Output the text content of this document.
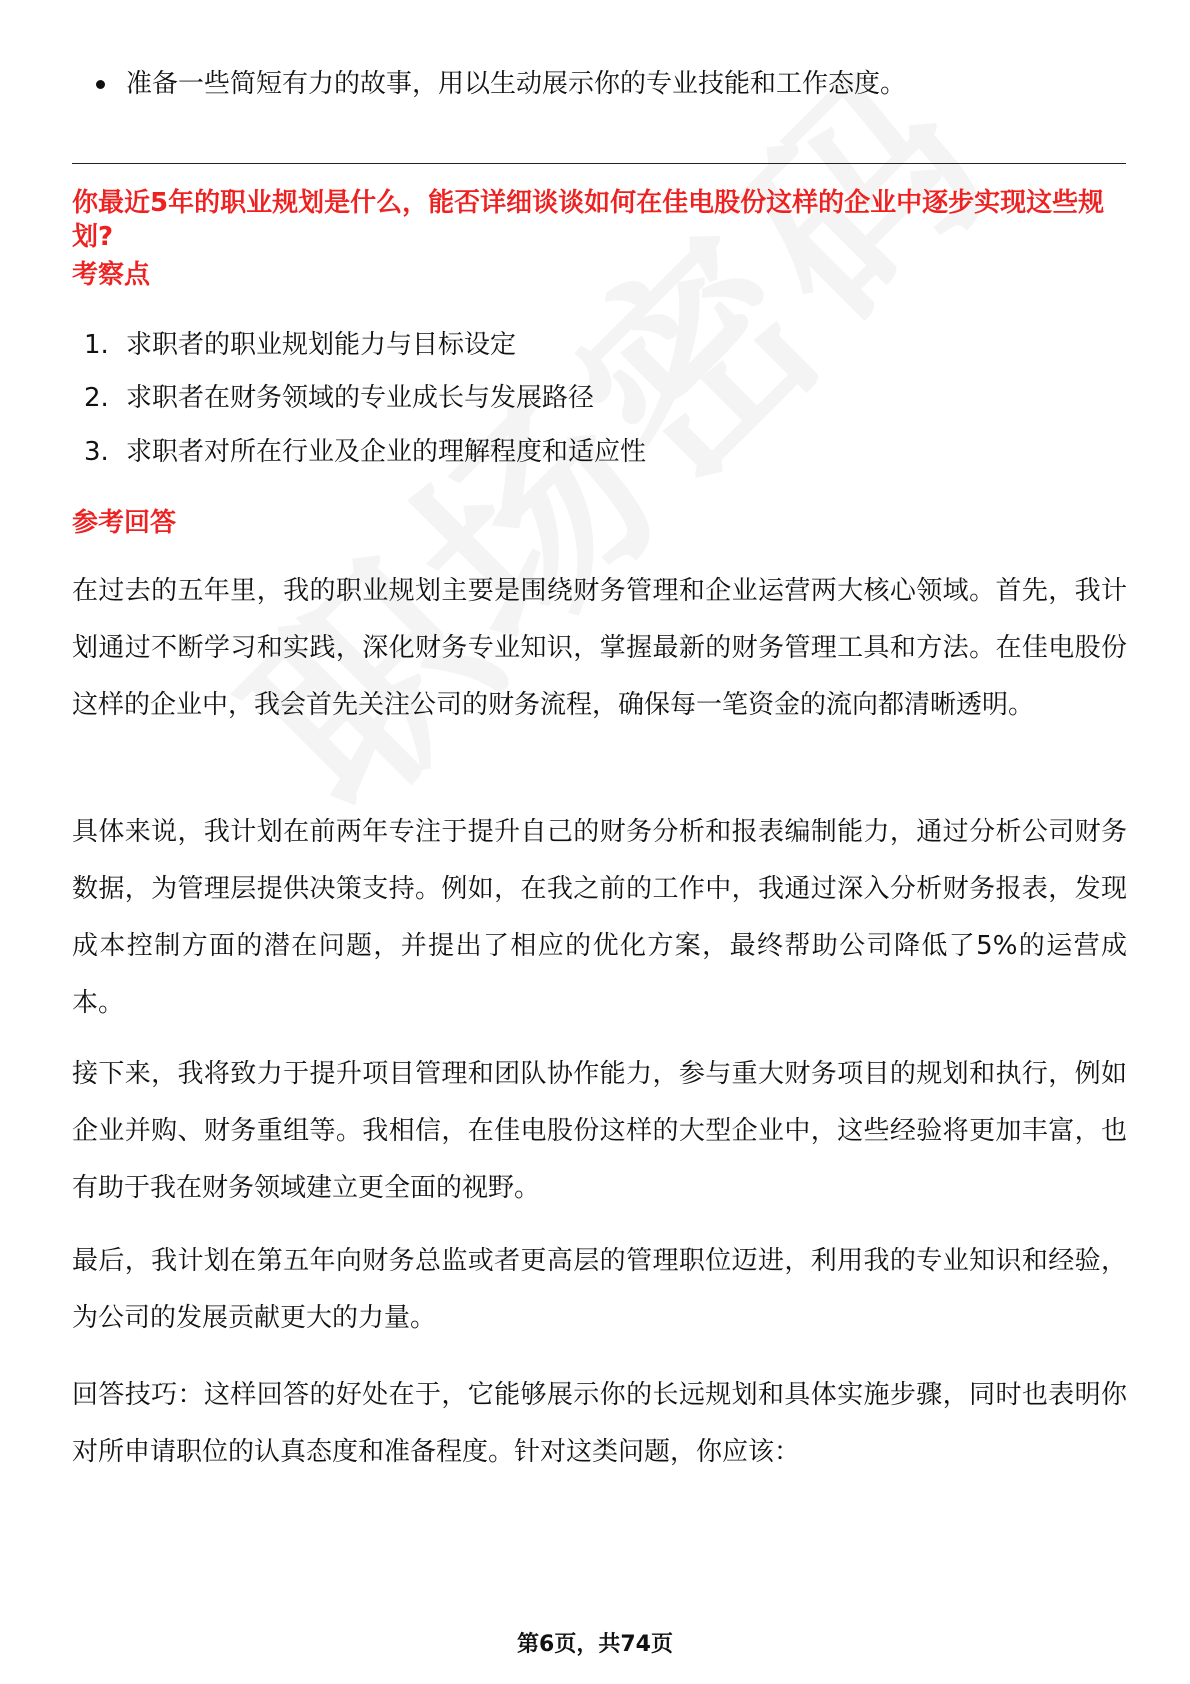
准备一些简短有力的故事，用以生动展示你的专业技能和工作态度。
你最近5年的职业规划是什么，能否详细谈谈如何在佳电股份这样的企业中逐步实现这些规划?
考察点
1. 求职者的职业规划能力与目标设定
2. 求职者在财务领域的专业成长与发展路径
3. 求职者对所在行业及企业的理解程度和适应性
参考回答
在过去的五年里，我的职业规划主要是围绕财务管理和企业运营两大核心领域。首先，我计划通过不断学习和实践，深化财务专业知识，掌握最新的财务管理工具和方法。在佳电股份这样的企业中，我会首先关注公司的财务流程，确保每一笔资金的流向都清晰透明。
具体来说，我计划在前两年专注于提升自己的财务分析和报表编制能力，通过分析公司财务数据，为管理层提供决策支持。例如，在我之前的工作中，我通过深入分析财务报表，发现成本控制方面的潜在问题，并提出了相应的优化方案，最终帮助公司降低了5%的运营成本。
接下来，我将致力于提升项目管理和团队协作能力，参与重大财务项目的规划和执行，例如企业并购、财务重组等。我相信，在佳电股份这样的大型企业中，这些经验将更加丰富，也有助于我在财务领域建立更全面的视野。
最后，我计划在第五年向财务总监或者更高层的管理职位迈进，利用我的专业知识和经验，为公司的发展贡献更大的力量。
回答技巧：这样回答的好处在于，它能够展示你的长远规划和具体实施步骤，同时也表明你对所申请职位的认真态度和准备程度。针对这类问题，你应该：
第6页，共74页
